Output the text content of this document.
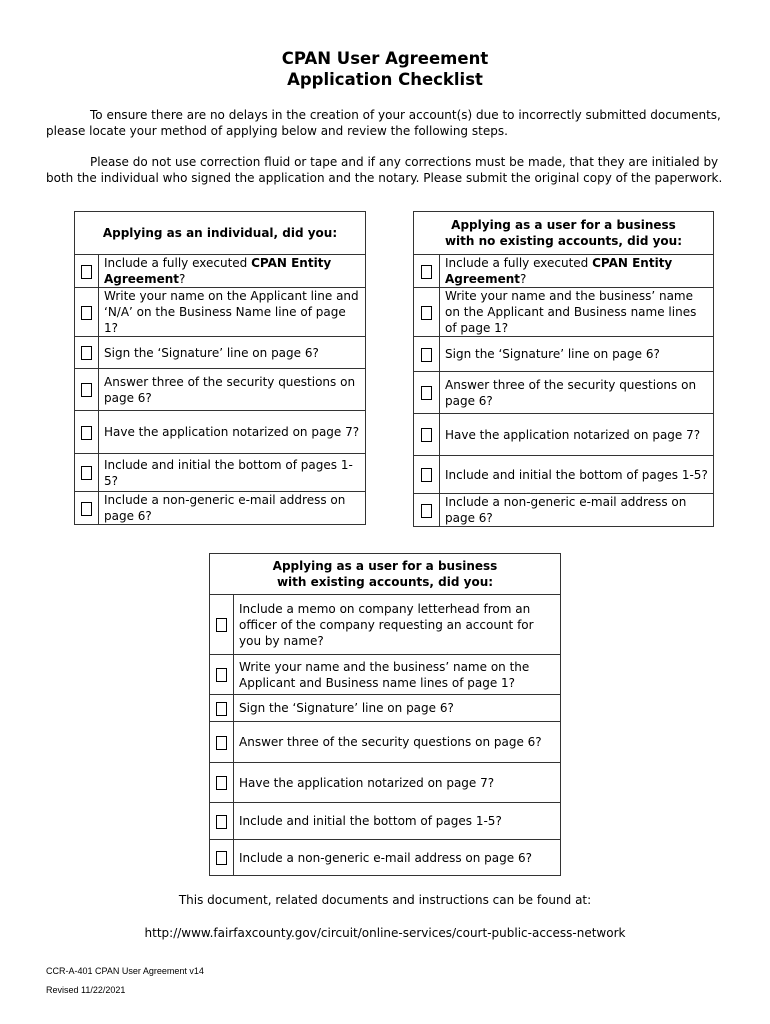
CPAN User Agreement
Application Checklist

To ensure there are no delays in the creation of your account(s) due to incorrectly submitted documents, please locate your method of applying below and review the following steps.

Please do not use correction fluid or tape and if any corrections must be made, that they are initialed by both the individual who signed the application and the notary. Please submit the original copy of the paperwork.

Applying as an individual, did you:	
	Include a fully executed CPAN Entity Agreement?
	Write your name on the Applicant line and ‘N/A’ on the Business Name line of page 1?
	Sign the ‘Signature’ line on page 6?
	Answer three of the security questions on page 6?
	Have the application notarized on page 7?
	Include and initial the bottom of pages 1-5?
	Include a non-generic e-mail address on page 6?
Applying as a user for a business
with no existing accounts, did you:	

	Include a fully executed CPAN Entity Agreement?
	Write your name and the business’ name on the Applicant and Business name lines of page 1?
	Sign the ‘Signature’ line on page 6?
	Answer three of the security questions on page 6?
	Have the application notarized on page 7?
	Include and initial the bottom of pages 1-5?
	Include a non-generic e-mail address on page 6?
Applying as a user for a business
with existing accounts, did you:	

	Include a memo on company letterhead from an officer of the company requesting an account for you by name?
	Write your name and the business’ name on the Applicant and Business name lines of page 1?
	Sign the ‘Signature’ line on page 6?
	Answer three of the security questions on page 6?
	Have the application notarized on page 7?
	Include and initial the bottom of pages 1-5?
	Include a non-generic e-mail address on page 6?
This document, related documents and instructions can be found at:
http://www.fairfaxcounty.gov/circuit/online-services/court-public-access-network
CCR-A-401 CPAN User Agreement v14
Revised 11/22/2021
